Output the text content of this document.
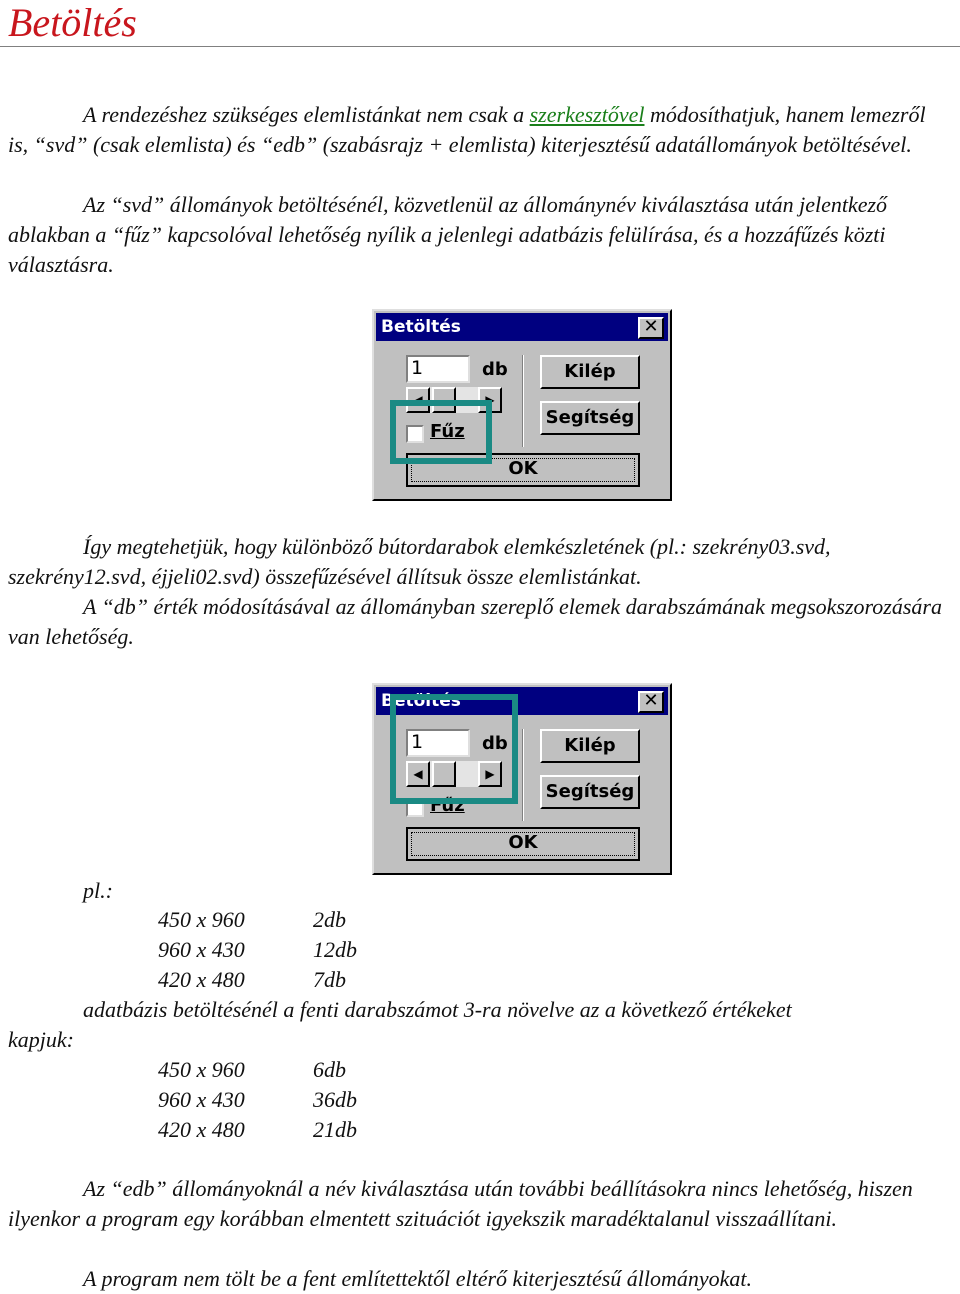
Betöltés

A rendezéshez szükséges elemlistánkat nem csak a szerkesztővel módosíthatjuk, hanem lemezről is, “svd” (csak elemlista) és “edb” (szabásrajz + elemlista) kiterjesztésű adatállományok betöltésével.

Az “svd” állományok betöltésénél, közvetlenül az állománynév kiválasztása után jelentkező ablakban a “fűz” kapcsolóval lehetőség nyílik a jelenlegi adatbázis felülírása, és a hozzáfűzés közti választásra.

Betöltés	✕
1	db
◀	▶
Kilép
Segítség
Fűz
OK

Így megtehetjük, hogy különböző bútordarabok elemkészletének (pl.: szekrény03.svd, szekrény12.svd, éjjeli02.svd) összefűzésével állítsuk össze elemlistánkat.

A “db” érték módosításával az állományban szereplő elemek darabszámának megsokszorozására van lehetőség.

Betöltés	✕
1	db
◀	▶
Kilép
Segítség
Fűz
OK
pl.:
450 x 960	2db
960 x 430	12db
420 x 480	7db
adatbázis betöltésénél a fenti darabszámot 3-ra növelve az a következő értékeket
kapjuk:
450 x 960	6db
960 x 430	36db
420 x 480	21db

Az “edb” állományoknál a név kiválasztása után további beállításokra nincs lehetőség, hiszen ilyenkor a program egy korábban elmentett szituációt igyekszik maradéktalanul visszaállítani.

A program nem tölt be a fent említettektől eltérő kiterjesztésű állományokat.
